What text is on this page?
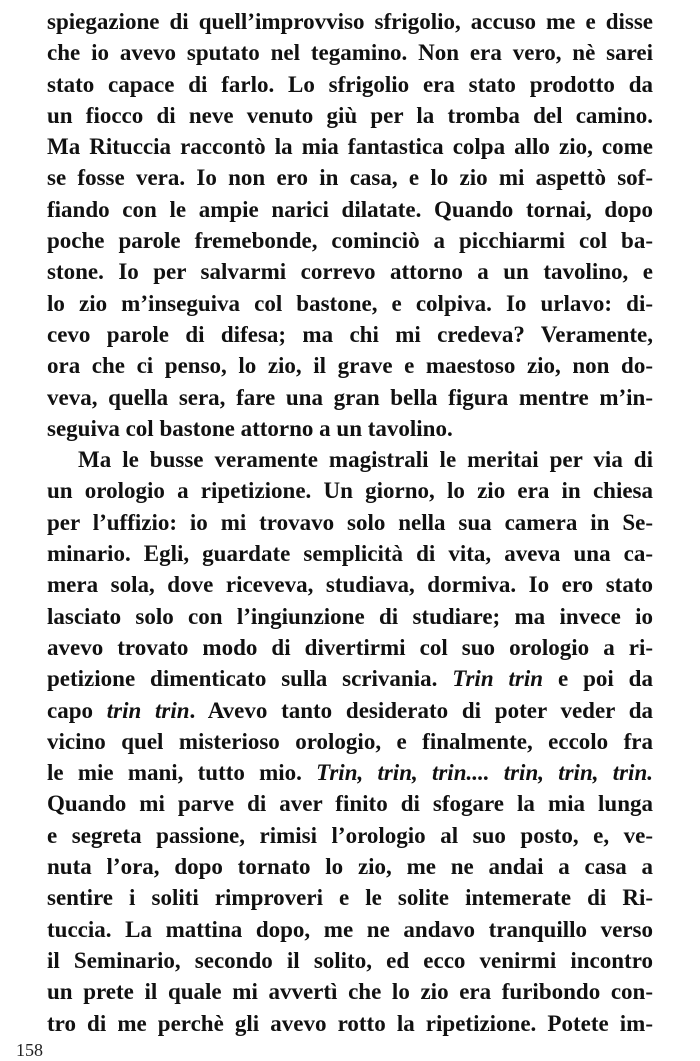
spiegazione di quell’improvviso sfrigolio, accuso me e disse
che io avevo sputato nel tegamino. Non era vero, nè sarei
stato capace di farlo. Lo sfrigolio era stato prodotto da
un fiocco di neve venuto giù per la tromba del camino.
Ma Rituccia raccontò la mia fantastica colpa allo zio, come
se fosse vera. Io non ero in casa, e lo zio mi aspettò sof-
fiando con le ampie narici dilatate. Quando tornai, dopo
poche parole fremebonde, cominciò a picchiarmi col ba-
stone. Io per salvarmi correvo attorno a un tavolino, e
lo zio m’inseguiva col bastone, e colpiva. Io urlavo: di-
cevo parole di difesa; ma chi mi credeva? Veramente,
ora che ci penso, lo zio, il grave e maestoso zio, non do-
veva, quella sera, fare una gran bella figura mentre m’in-
seguiva col bastone attorno a un tavolino.
Ma le busse veramente magistrali le meritai per via di
un orologio a ripetizione. Un giorno, lo zio era in chiesa
per l’uffizio: io mi trovavo solo nella sua camera in Se-
minario. Egli, guardate semplicità di vita, aveva una ca-
mera sola, dove riceveva, studiava, dormiva. Io ero stato
lasciato solo con l’ingiunzione di studiare; ma invece io
avevo trovato modo di divertirmi col suo orologio a ri-
petizione dimenticato sulla scrivania. Trin trin e poi da
capo trin trin. Avevo tanto desiderato di poter veder da
vicino quel misterioso orologio, e finalmente, eccolo fra
le mie mani, tutto mio. Trin, trin, trin.... trin, trin, trin.
Quando mi parve di aver finito di sfogare la mia lunga
e segreta passione, rimisi l’orologio al suo posto, e, ve-
nuta l’ora, dopo tornato lo zio, me ne andai a casa a
sentire i soliti rimproveri e le solite intemerate di Ri-
tuccia. La mattina dopo, me ne andavo tranquillo verso
il Seminario, secondo il solito, ed ecco venirmi incontro
un prete il quale mi avvertì che lo zio era furibondo con-
tro di me perchè gli avevo rotto la ripetizione. Potete im-
158
